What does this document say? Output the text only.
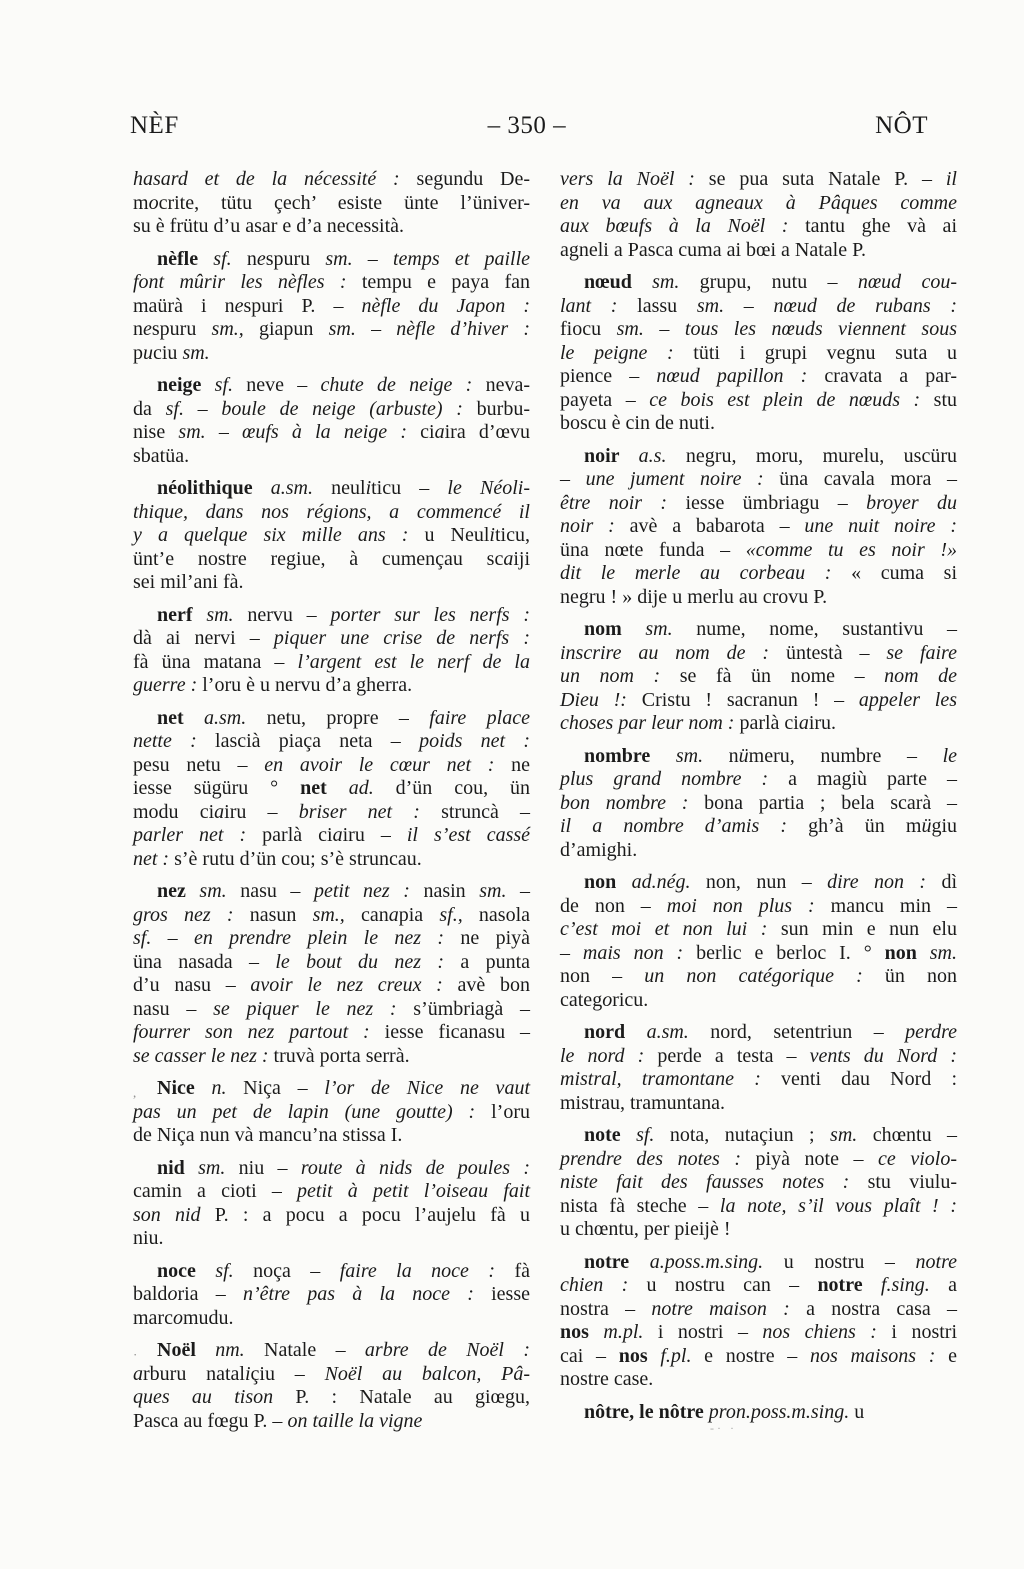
NÈF	– 350 –	NÔT
hasard et de la nécessité : segundu De-
mocrite, tütu çech’ esiste ünte l’üniver-
su è frütu d’u asar e d’a necessità.
nèfle sf. nespuru sm. – temps et paille
font mûrir les nèfles : tempu e paya fan
maürà i nespuri P. – nèfle du Japon :
nespuru sm., giapun sm. – nèfle d’hiver :
puciu sm.
neige sf. neve – chute de neige : neva-
da sf. – boule de neige (arbuste) : burbu-
nise sm. – œufs à la neige : ciaira d’œvu
sbatüa.
néolithique a.sm. neuliticu – le Néoli-
thique, dans nos régions, a commencé il
y a quelque six mille ans : u Neuliticu,
ünt’e nostre regiue, à cumençau scaiji
sei mil’ani fà.
nerf sm. nervu – porter sur les nerfs :
dà ai nervi – piquer une crise de nerfs :
fà üna matana – l’argent est le nerf de la
guerre : l’oru è u nervu d’a gherra.
net a.sm. netu, propre – faire place
nette : lascià piaça neta – poids net :
pesu netu – en avoir le cœur net : ne
iesse sügüru ° net ad. d’ün cou, ün
modu ciairu – briser net : struncà –
parler net : parlà ciairu – il s’est cassé
net : s’è rutu d’ün cou; s’è struncau.
nez sm. nasu – petit nez : nasin sm. –
gros nez : nasun sm., canapia sf., nasola
sf. – en prendre plein le nez : ne piyà
üna nasada – le bout du nez : a punta
d’u nasu – avoir le nez creux : avè bon
nasu – se piquer le nez : s’ümbriagà –
fourrer son nez partout : iesse ficanasu –
se casser le nez : truvà porta serrà.
,	Nice n. Niça – l’or de Nice ne vaut
pas un pet de lapin (une goutte) : l’oru
de Niça nun và mancu’na stissa I.
nid sm. niu – route à nids de poules :
camin a cioti – petit à petit l’oiseau fait
son nid P. : a pocu a pocu l’aujelu fà u
niu.
noce sf. noça – faire la noce : fà
baldoria – n’être pas à la noce : iesse
marcomudu.
· Noël nm. Natale – arbre de Noël :
arburu nataliçiu – Noël au balcon, Pâ-
ques au tison P. : Natale au giœgu,
Pasca au fœgu P. – on taille la vigne
vers la Noël : se pua suta Natale P. – il
en va aux agneaux à Pâques comme
aux bœufs à la Noël : tantu ghe và ai
agneli a Pasca cuma ai bœi a Natale P.
nœud sm. grupu, nutu – nœud cou-
lant : lassu sm. – nœud de rubans :
fiocu sm. – tous les nœuds viennent sous
le peigne : tüti i grupi vegnu suta u
pience – nœud papillon : cravata a par-
payeta – ce bois est plein de nœuds : stu
boscu è cin de nuti.
noir a.s. negru, moru, murelu, uscüru
– une jument noire : üna cavala mora –
être noir : iesse ümbriagu – broyer du
noir : avè a babarota – une nuit noire :
üna nœte funda – «comme tu es noir !»
dit le merle au corbeau : « cuma si
negru ! » dije u merlu au crovu P.
nom sm. nume, nome, sustantivu –
inscrire au nom de : üntestà – se faire
un nom : se fà ün nome – nom de
Dieu !: Cristu ! sacranun ! – appeler les
choses par leur nom : parlà ciairu.
nombre sm. nümeru, numbre – le
plus grand nombre : a magiù parte –
bon nombre : bona partia ; bela scarà –
il a nombre d’amis : gh’à ün mügiu
d’amighi.
non ad.nég. non, nun – dire non : dì
de non – moi non plus : mancu min –
c’est moi et non lui : sun min e nun elu
– mais non : berlic e berloc I. ° non sm.
non – un non catégorique : ün non
categoricu.
nord a.sm. nord, setentriun – perdre
le nord : perde a testa – vents du Nord :
mistral, tramontane : venti dau Nord :
mistrau, tramuntana.
note sf. nota, nutaçiun ; sm. chœntu –
prendre des notes : piyà note – ce violo-
niste fait des fausses notes : stu viulu-
nista fà steche – la note, s’il vous plaît ! :
u chœntu, per pieijè !
notre a.poss.m.sing. u nostru – notre
chien : u nostru can – notre f.sing. a
nostra – notre maison : a nostra casa –
nos m.pl. i nostri – nos chiens : i nostri
cai – nos f.pl. e nostre – nos maisons : e
nostre case.
nôtre, le nôtre pron.poss.m.sing. u
-· ·
